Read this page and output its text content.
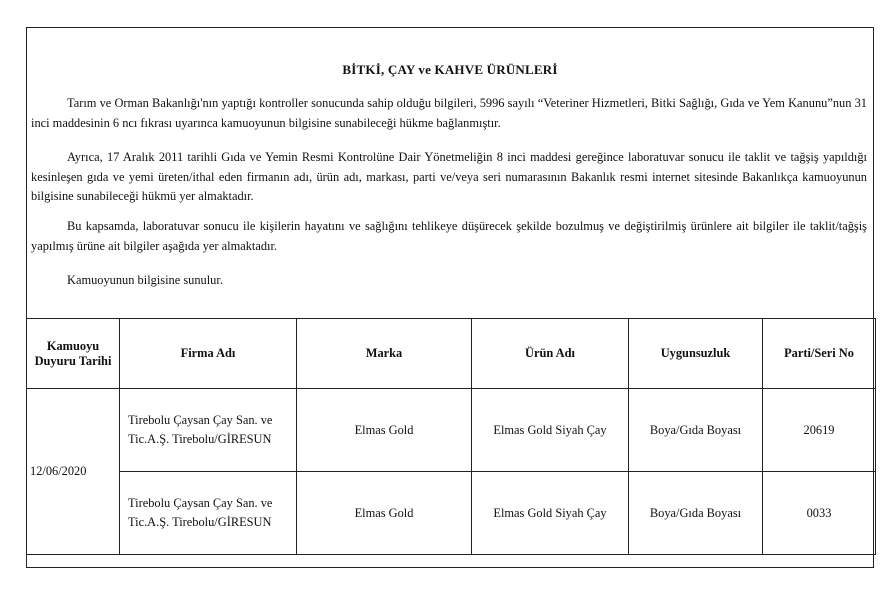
BİTKİ, ÇAY ve KAHVE ÜRÜNLERİ
Tarım ve Orman Bakanlığı'nın yaptığı kontroller sonucunda sahip olduğu bilgileri, 5996 sayılı “Veteriner Hizmetleri, Bitki Sağlığı, Gıda ve Yem Kanunu”nun 31 inci maddesinin 6 ncı fıkrası uyarınca kamuoyunun bilgisine sunabileceği hükme bağlanmıştır.
Ayrıca, 17 Aralık 2011 tarihli Gıda ve Yemin Resmi Kontrolüne Dair Yönetmeliğin 8 inci maddesi gereğince laboratuvar sonucu ile taklit ve tağşiş yapıldığı kesinleşen gıda ve yemi üreten/ithal eden firmanın adı, ürün adı, markası, parti ve/veya seri numarasının Bakanlık resmi internet sitesinde Bakanlıkça kamuoyunun bilgisine sunabileceği hükmü yer almaktadır.
Bu kapsamda, laboratuvar sonucu ile kişilerin hayatını ve sağlığını tehlikeye düşürecek şekilde bozulmuş ve değiştirilmiş ürünlere ait bilgiler ile taklit/tağşiş yapılmış ürüne ait bilgiler aşağıda yer almaktadır.
Kamuoyunun bilgisine sunulur.
Kamuoyu
Duyuru Tarihi	Firma Adı	Marka	Ürün Adı	Uygunsuzluk	Parti/Seri No
12/06/2020	Tirebolu Çaysan Çay San. ve
Tic.A.Ş. Tirebolu/GİRESUN	Elmas Gold	Elmas Gold Siyah Çay	Boya/Gıda Boyası	20619
	Tirebolu Çaysan Çay San. ve
Tic.A.Ş. Tirebolu/GİRESUN	Elmas Gold	Elmas Gold Siyah Çay	Boya/Gıda Boyası	0033
